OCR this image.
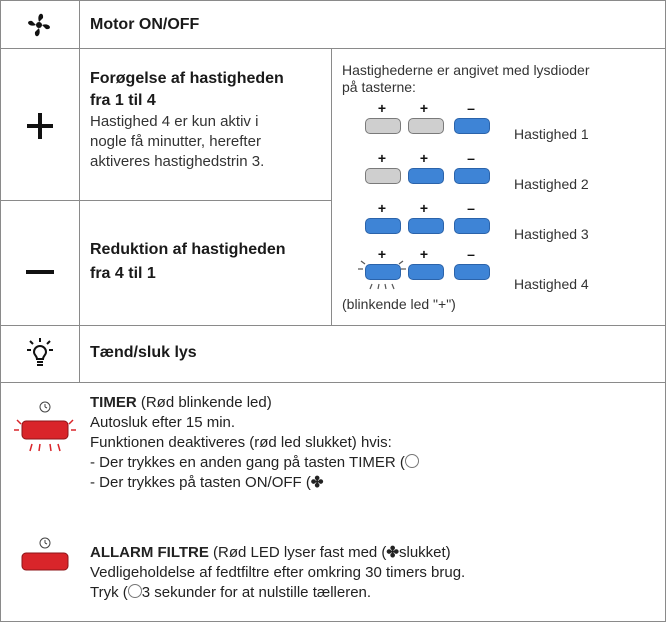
Motor ON/OFF
Forøgelse af hastigheden
fra 1 til 4
Hastighed 4 er kun aktiv i
nogle få minutter, herefter
aktiveres hastighedstrin 3.
Reduktion af hastigheden
fra 4 til 1
Hastighederne er angivet med lysdioder
på tasterne:
+	+	–
Hastighed 1
+	+	–
Hastighed 2
+	+	–
Hastighed 3
+	+	–
Hastighed 4
(blinkende led "+")
Tænd/sluk lys
TIMER (Rød blinkende led)
Autosluk efter 15 min.
Funktionen deaktiveres (rød led slukket) hvis:
- Der trykkes en anden gang på tasten TIMER (
- Der trykkes på tasten ON/OFF (✤
ALLARM FILTRE (Rød LED lyser fast med (✤slukket)
Vedligeholdelse af fedtfiltre efter omkring 30 timers brug.
Tryk ( 3 sekunder for at nulstille tælleren.
